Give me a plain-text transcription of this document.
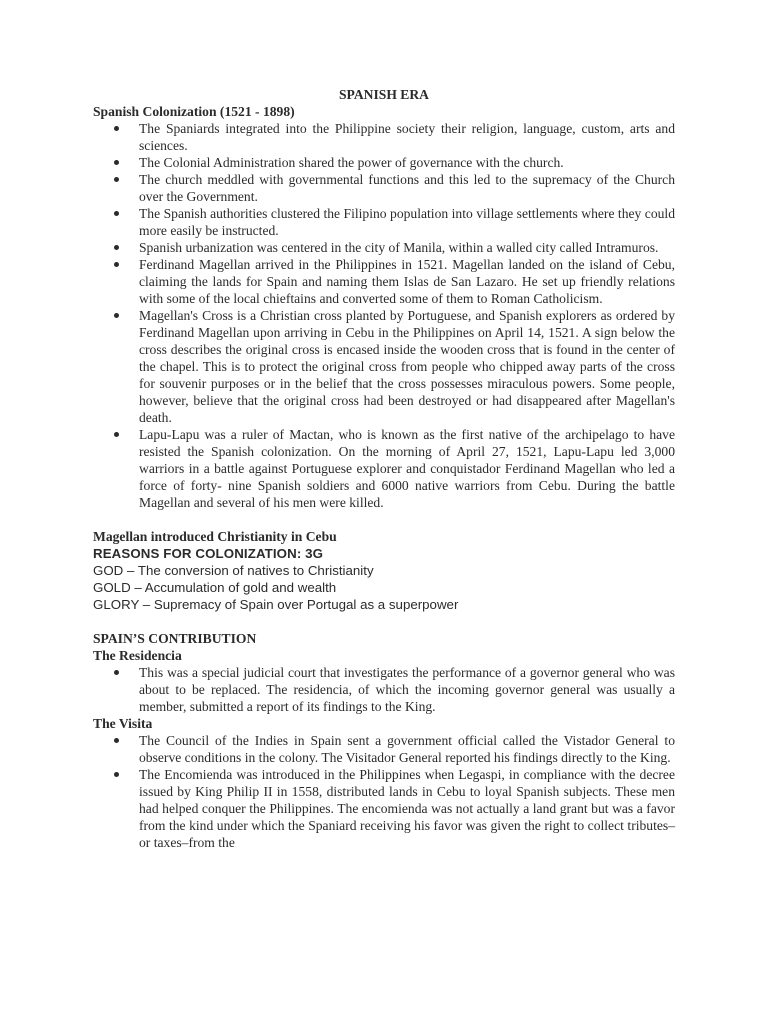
SPANISH ERA

Spanish Colonization (1521 - 1898)

The Spaniards integrated into the Philippine society their religion, language, custom, arts and sciences.
The Colonial Administration shared the power of governance with the church.
The church meddled with governmental functions and this led to the supremacy of the Church over the Government.
The Spanish authorities clustered the Filipino population into village settlements where they could more easily be instructed.
Spanish urbanization was centered in the city of Manila, within a walled city called Intramuros.
Ferdinand Magellan arrived in the Philippines in 1521. Magellan landed on the island of Cebu, claiming the lands for Spain and naming them Islas de San Lazaro. He set up friendly relations with some of the local chieftains and converted some of them to Roman Catholicism.
Magellan's Cross is a Christian cross planted by Portuguese, and Spanish explorers as ordered by Ferdinand Magellan upon arriving in Cebu in the Philippines on April 14, 1521. A sign below the cross describes the original cross is encased inside the wooden cross that is found in the center of the chapel. This is to protect the original cross from people who chipped away parts of the cross for souvenir purposes or in the belief that the cross possesses miraculous powers. Some people, however, believe that the original cross had been destroyed or had disappeared after Magellan's death.
Lapu-Lapu was a ruler of Mactan, who is known as the first native of the archipelago to have resisted the Spanish colonization. On the morning of April 27, 1521, Lapu-Lapu led 3,000 warriors in a battle against Portuguese explorer and conquistador Ferdinand Magellan who led a force of forty- nine Spanish soldiers and 6000 native warriors from Cebu. During the battle Magellan and several of his men were killed.

Magellan introduced Christianity in Cebu

REASONS FOR COLONIZATION: 3G

GOD – The conversion of natives to Christianity

GOLD – Accumulation of gold and wealth

GLORY – Supremacy of Spain over Portugal as a superpower

SPAIN’S CONTRIBUTION

The Residencia

This was a special judicial court that investigates the performance of a governor general who was about to be replaced. The residencia, of which the incoming governor general was usually a member, submitted a report of its findings to the King.

The Visita

The Council of the Indies in Spain sent a government official called the Vistador General to observe conditions in the colony. The Visitador General reported his findings directly to the King.
The Encomienda was introduced in the Philippines when Legaspi, in compliance with the decree issued by King Philip II in 1558, distributed lands in Cebu to loyal Spanish subjects. These men had helped conquer the Philippines. The encomienda was not actually a land grant but was a favor from the kind under which the Spaniard receiving his favor was given the right to collect tributes–or taxes–from the
